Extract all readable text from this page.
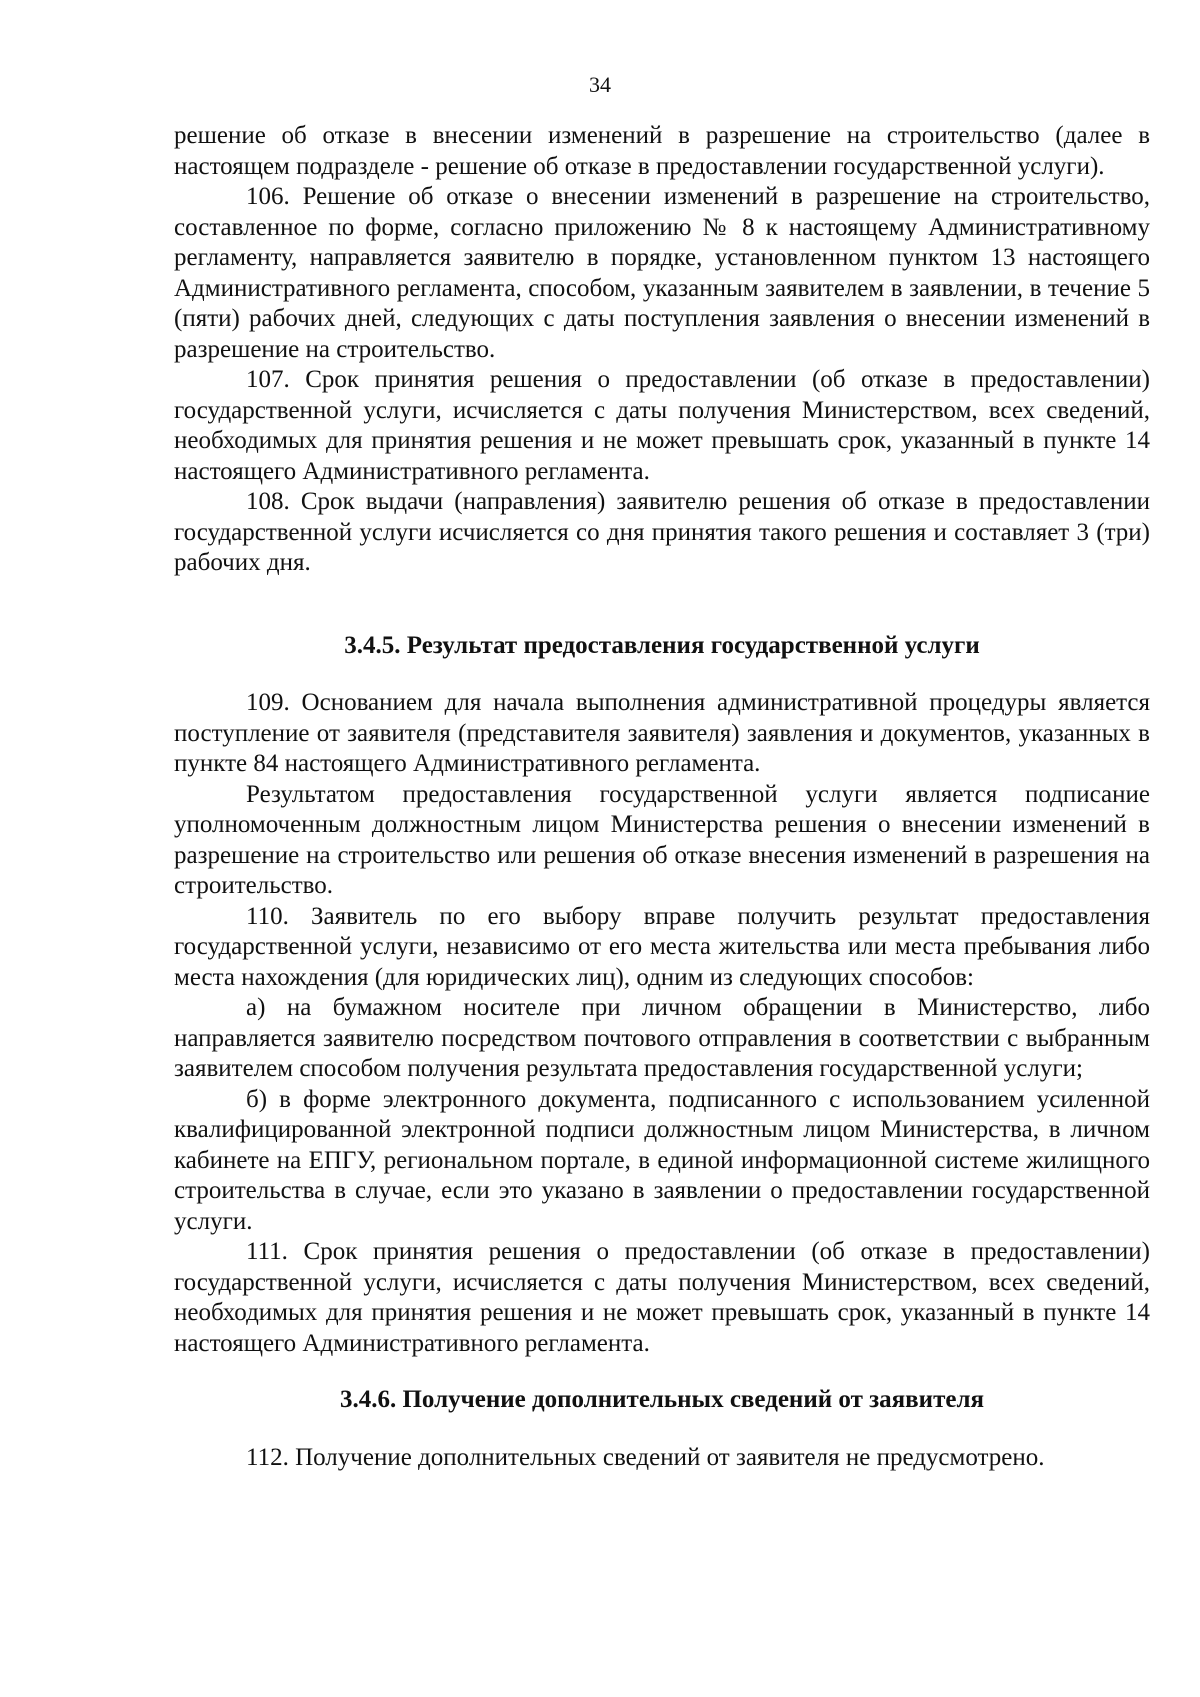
34

решение об отказе в внесении изменений в разрешение на строительство (далее в настоящем подразделе - решение об отказе в предоставлении государственной услуги).

106. Решение об отказе о внесении изменений в разрешение на строительство, составленное по форме, согласно приложению № 8 к настоящему Административному регламенту, направляется заявителю в порядке, установленном пунктом 13 настоящего Административного регламента, способом, указанным заявителем в заявлении, в течение 5 (пяти) рабочих дней, следующих с даты поступления заявления о внесении изменений в разрешение на строительство.

107. Срок принятия решения о предоставлении (об отказе в предоставлении) государственной услуги, исчисляется с даты получения Министерством, всех сведений, необходимых для принятия решения и не может превышать срок, указанный в пункте 14 настоящего Административного регламента.

108. Срок выдачи (направления) заявителю решения об отказе в предоставлении государственной услуги исчисляется со дня принятия такого решения и составляет 3 (три) рабочих дня.

3.4.5. Результат предоставления государственной услуги

109. Основанием для начала выполнения административной процедуры является поступление от заявителя (представителя заявителя) заявления и документов, указанных в пункте 84 настоящего Административного регламента.

Результатом предоставления государственной услуги является подписание уполномоченным должностным лицом Министерства решения о внесении изменений в разрешение на строительство или решения об отказе внесения изменений в разрешения на строительство.

110. Заявитель по его выбору вправе получить результат предоставления государственной услуги, независимо от его места жительства или места пребывания либо места нахождения (для юридических лиц), одним из следующих способов:

а) на бумажном носителе при личном обращении в Министерство, либо направляется заявителю посредством почтового отправления в соответствии с выбранным заявителем способом получения результата предоставления государственной услуги;

б) в форме электронного документа, подписанного с использованием усиленной квалифицированной электронной подписи должностным лицом Министерства, в личном кабинете на ЕПГУ, региональном портале, в единой информационной системе жилищного строительства в случае, если это указано в заявлении о предоставлении государственной услуги.

111. Срок принятия решения о предоставлении (об отказе в предоставлении) государственной услуги, исчисляется с даты получения Министерством, всех сведений, необходимых для принятия решения и не может превышать срок, указанный в пункте 14 настоящего Административного регламента.

3.4.6. Получение дополнительных сведений от заявителя

112. Получение дополнительных сведений от заявителя не предусмотрено.
